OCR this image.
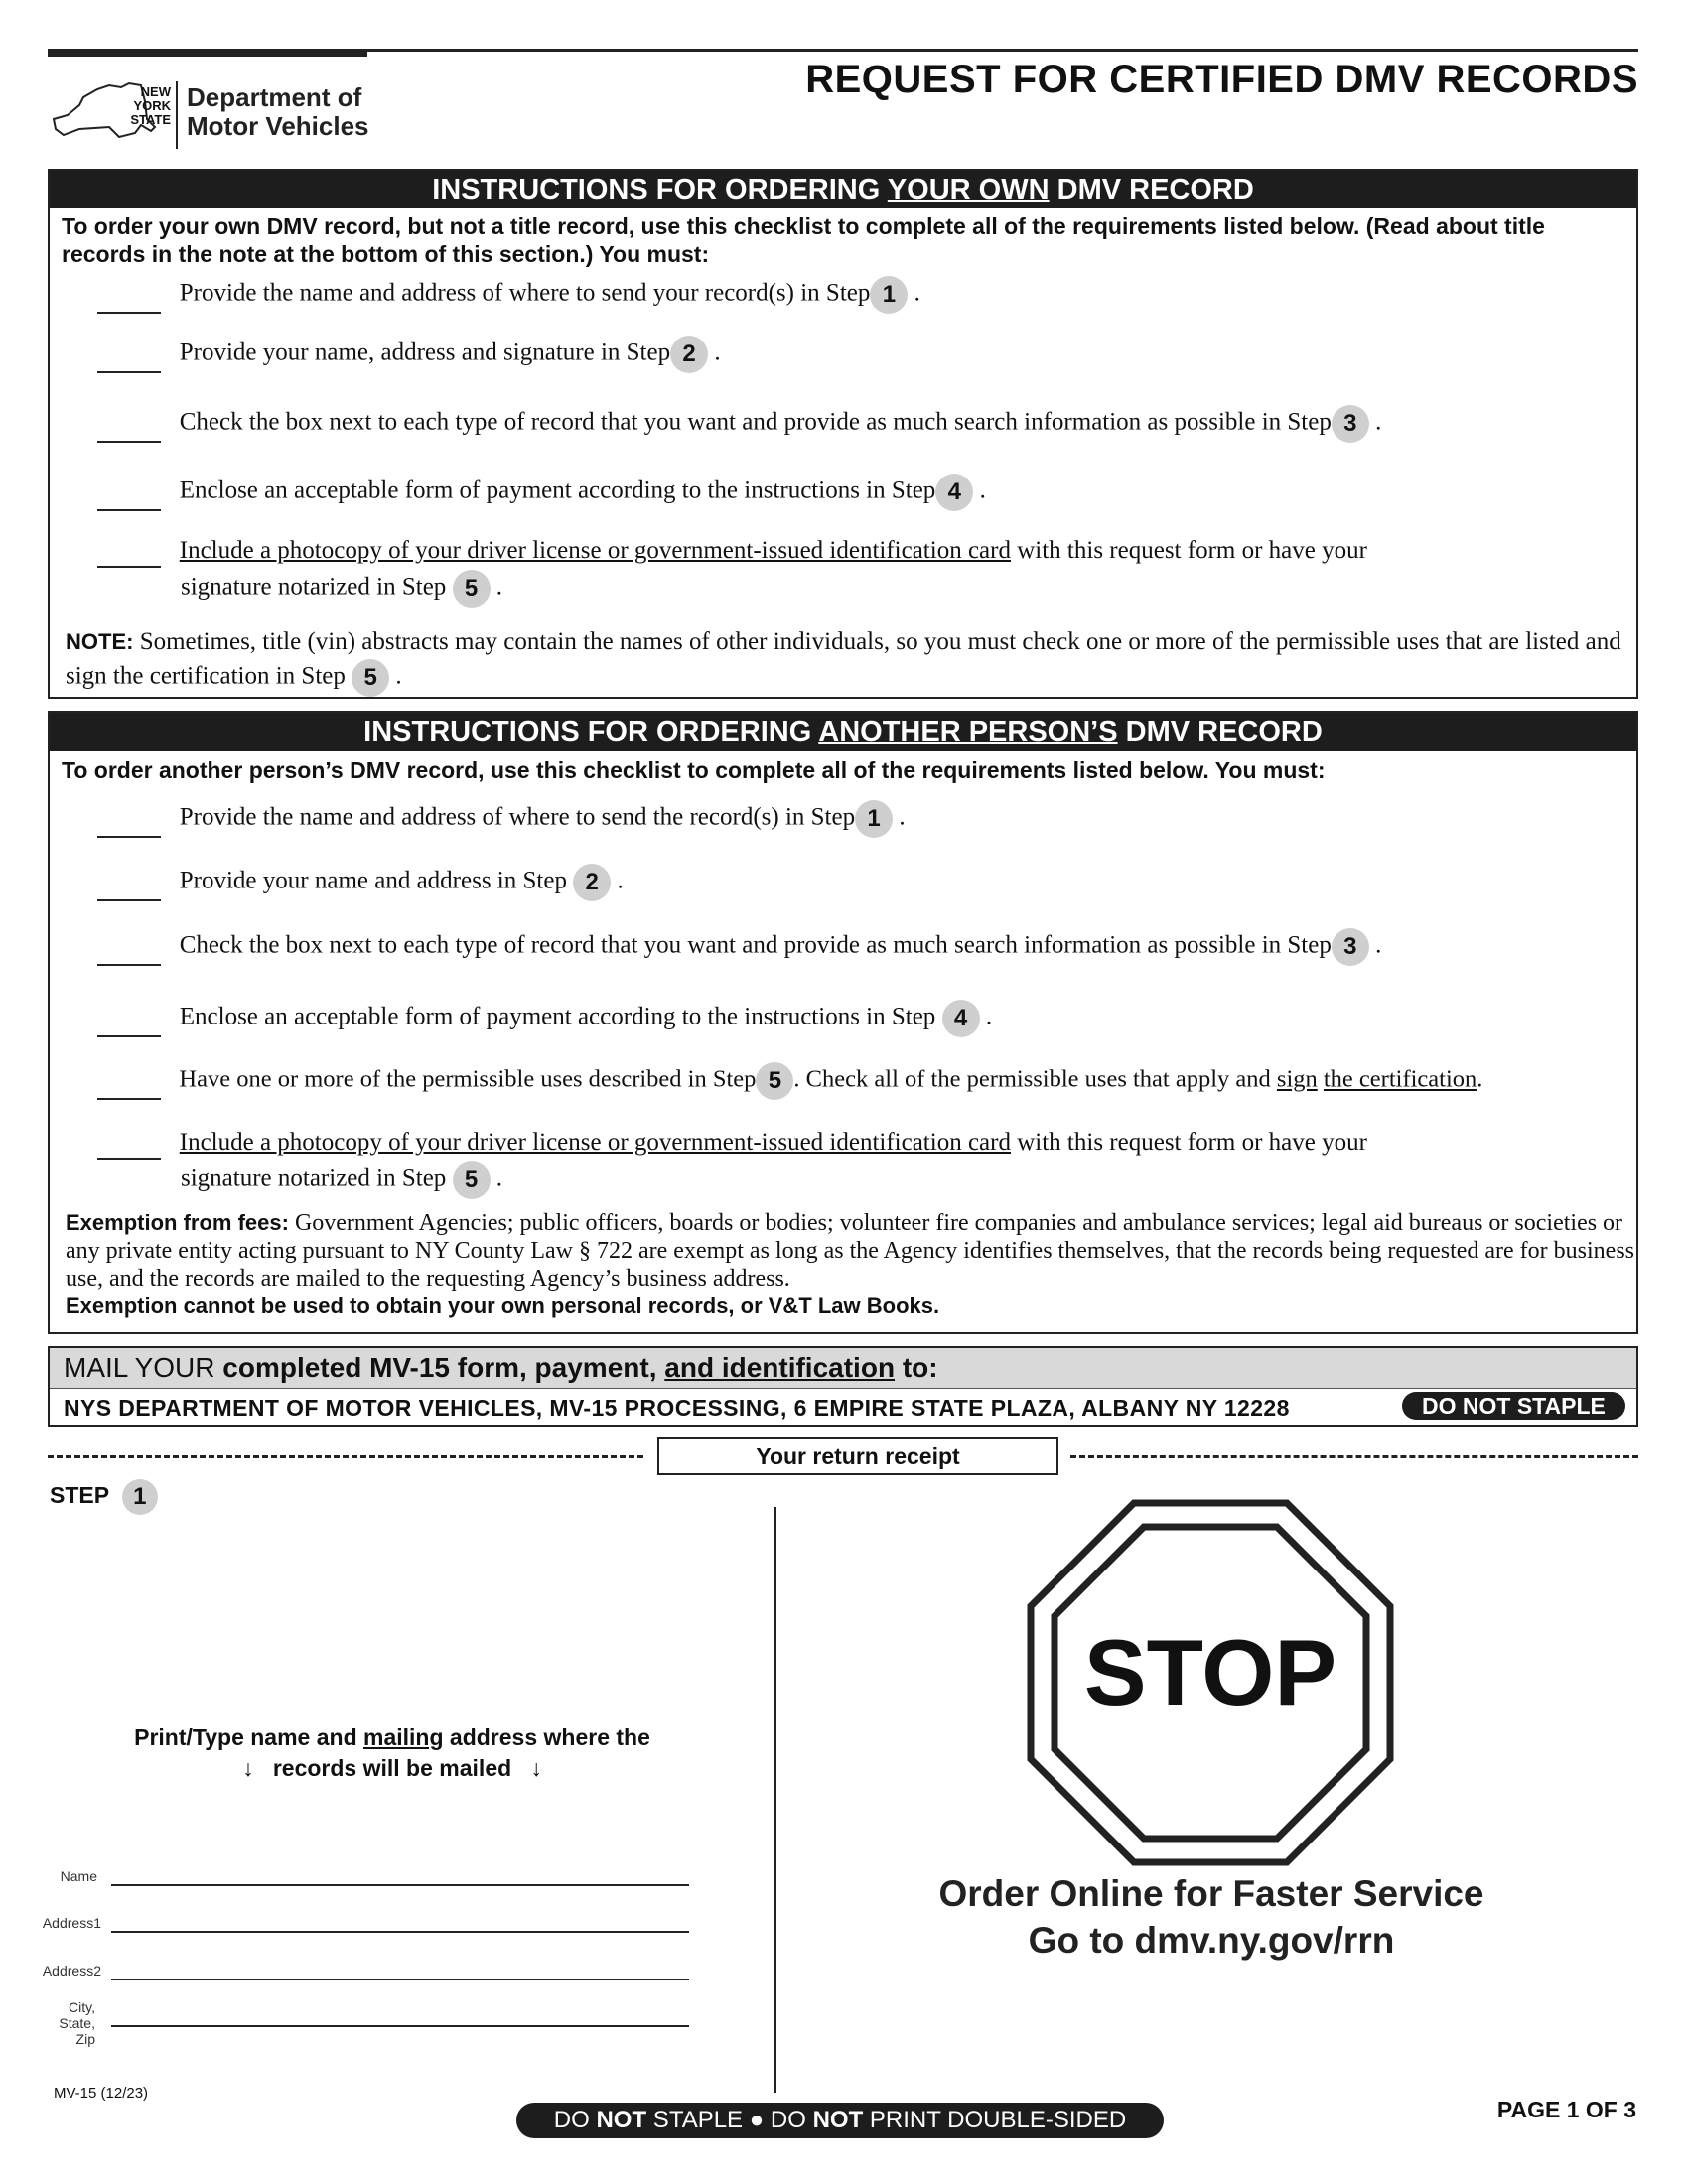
NEW
YORK
STATE
Department of
Motor Vehicles
REQUEST FOR CERTIFIED DMV RECORDS
INSTRUCTIONS FOR ORDERING YOUR OWN DMV RECORD
To order your own DMV record, but not a title record, use this checklist to complete all of the requirements listed below. (Read about title records in the note at the bottom of this section.) You must:
Provide the name and address of where to send your record(s) in Step 1 .
Provide your name, address and signature in Step 2 .
Check the box next to each type of record that you want and provide as much search information as possible in Step 3 .
Enclose an acceptable form of payment according to the instructions in Step 4 .
Include a photocopy of your driver license or government-issued identification card with this request form or have your
signature notarized in Step 5 .
NOTE: Sometimes, title (vin) abstracts may contain the names of other individuals, so you must check one or more of the permissible uses that are listed and sign the certification in Step 5 .
INSTRUCTIONS FOR ORDERING ANOTHER PERSON’S DMV RECORD
To order another person’s DMV record, use this checklist to complete all of the requirements listed below. You must:
Provide the name and address of where to send the record(s) in Step 1 .
Provide your name and address in Step 2 .
Check the box next to each type of record that you want and provide as much search information as possible in Step 3 .
Enclose an acceptable form of payment according to the instructions in Step 4 .
Have one or more of the permissible uses described in Step 5 . Check all of the permissible uses that apply and sign the certification.
Include a photocopy of your driver license or government-issued identification card with this request form or have your
signature notarized in Step 5 .
Exemption from fees: Government Agencies; public officers, boards or bodies; volunteer fire companies and ambulance services; legal aid bureaus or societies or any private entity acting pursuant to NY County Law § 722 are exempt as long as the Agency identifies themselves, that the records being requested are for business use, and the records are mailed to the requesting Agency’s business address.
Exemption cannot be used to obtain your own personal records, or V&T Law Books.
MAIL YOUR completed MV-15 form, payment, and identification to:
NYS DEPARTMENT OF MOTOR VEHICLES, MV-15 PROCESSING, 6 EMPIRE STATE PLAZA, ALBANY NY 12228	DO NOT STAPLE
Your return receipt
STEP 1
Print/Type name and mailing address where the
↓ records will be mailed ↓
Name
Address1
Address2
City,
State,
Zip
STOP
Order Online for Faster Service
Go to dmv.ny.gov/rrn
MV-15 (12/23)
DO NOT STAPLE ● DO NOT PRINT DOUBLE-SIDED	PAGE 1 OF 3
